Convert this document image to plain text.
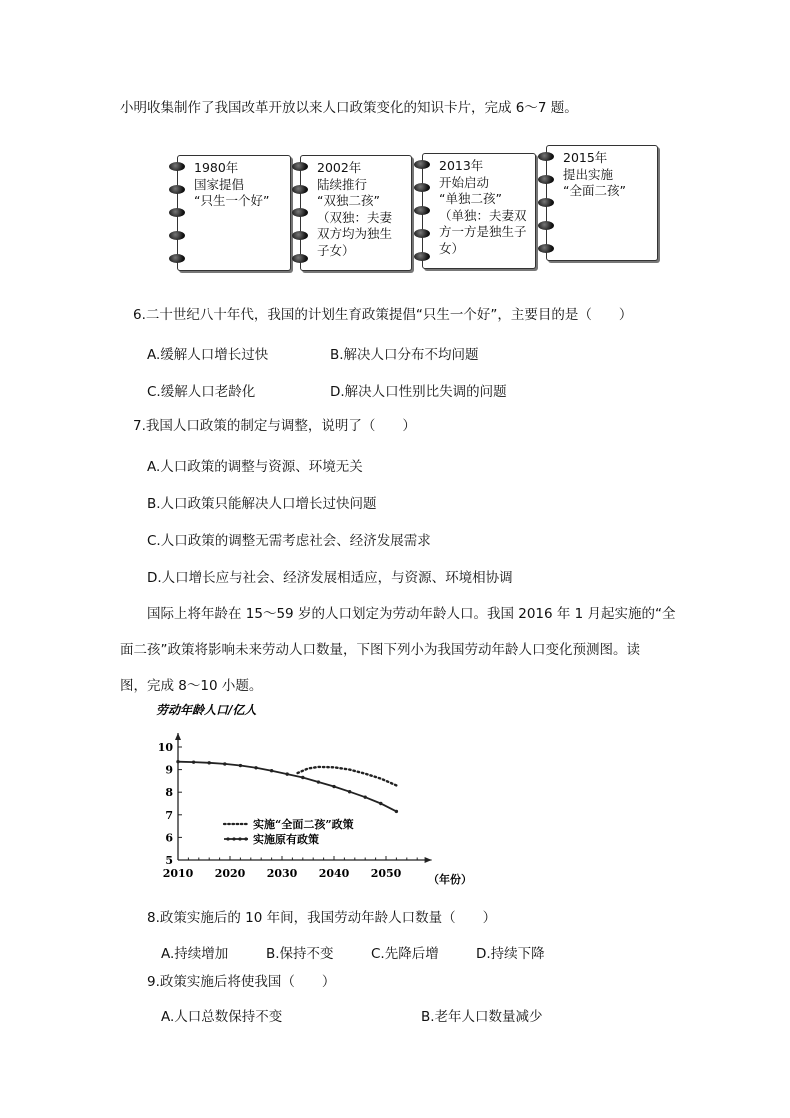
小明收集制作了我国改革开放以来人口政策变化的知识卡片，完成 6～7 题。
1980年
国家提倡
“只生一个好”
2002年
陆续推行
“双独二孩”
（双独：夫妻
双方均为独生
子女）
2013年
开始启动
“单独二孩”
（单独：夫妻双
方一方是独生子
女）
2015年
提出实施
“全面二孩”
6.二十世纪八十年代，我国的计划生育政策提倡“只生一个好”，主要目的是（　　）
A.缓解人口增长过快	B.解决人口分布不均问题
C.缓解人口老龄化	D.解决人口性别比失调的问题
7.我国人口政策的制定与调整，说明了（　　）
A.人口政策的调整与资源、环境无关
B.人口政策只能解决人口增长过快问题
C.人口政策的调整无需考虑社会、经济发展需求
D.人口增长应与社会、经济发展相适应，与资源、环境相协调
国际上将年龄在 15～59 岁的人口划定为劳动年龄人口。我国 2016 年 1 月起实施的“全
面二孩”政策将影响未来劳动人口数量，下图下列小为我国劳动年龄人口变化预测图。读
图，完成 8～10 小题。
2010 2020 2030 2040 2050
5
6
7
8
9
10
劳动年龄人口/亿人
（年份）
实施“全面二孩”政策
实施原有政策
8.政策实施后的 10 年间，我国劳动年龄人口数量（　　）
A.持续增加	B.保持不变	C.先降后增	D.持续下降
9.政策实施后将使我国（　　）
A.人口总数保持不变	B.老年人口数量减少
